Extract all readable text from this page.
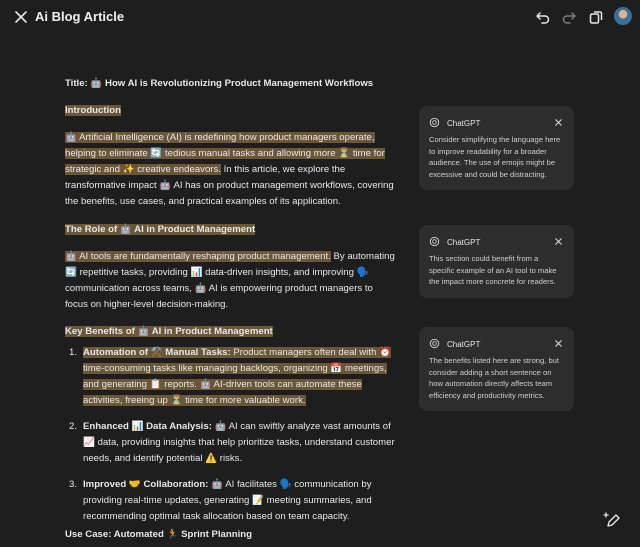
Ai Blog Article

Title: 🤖 How AI is Revolutionizing Product Management Workflows

Introduction

🤖 Artificial Intelligence (AI) is redefining how product managers operate, helping to eliminate 🔄 tedious manual tasks and allowing more ⏳ time for strategic and ✨ creative endeavors. In this article, we explore the transformative impact 🤖 AI has on product management workflows, covering the benefits, use cases, and practical examples of its application.

The Role of 🤖 AI in Product Management

🤖 AI tools are fundamentally reshaping product management. By automating 🔄 repetitive tasks, providing 📊 data-driven insights, and improving 🗣️ communication across teams, 🤖 AI is empowering product managers to focus on higher-level decision-making.

Key Benefits of 🤖 AI in Product Management
1. Automation of ⚒️ Manual Tasks: Product managers often deal with ⏰ time-consuming tasks like managing backlogs, organizing 📅 meetings, and generating 📋 reports. 🤖 AI-driven tools can automate these activities, freeing up ⏳ time for more valuable work.
2. Enhanced 📊 Data Analysis: 🤖 AI can swiftly analyze vast amounts of 📈 data, providing insights that help prioritize tasks, understand customer needs, and identify potential ⚠️ risks.
3. Improved 🤝 Collaboration: 🤖 AI facilitates 🗣️ communication by providing real-time updates, generating 📝 meeting summaries, and recommending optimal task allocation based on team capacity.
Use Case: Automated 🏃 Sprint Planning
ChatGPT
Consider simplifying the language here to improve readability for a broader audience. The use of emojis might be excessive and could be distracting.
ChatGPT
This section could benefit from a specific example of an AI tool to make the impact more concrete for readers.
ChatGPT
The benefits listed here are strong, but consider adding a short sentence on how automation directly affects team efficiency and productivity metrics.
